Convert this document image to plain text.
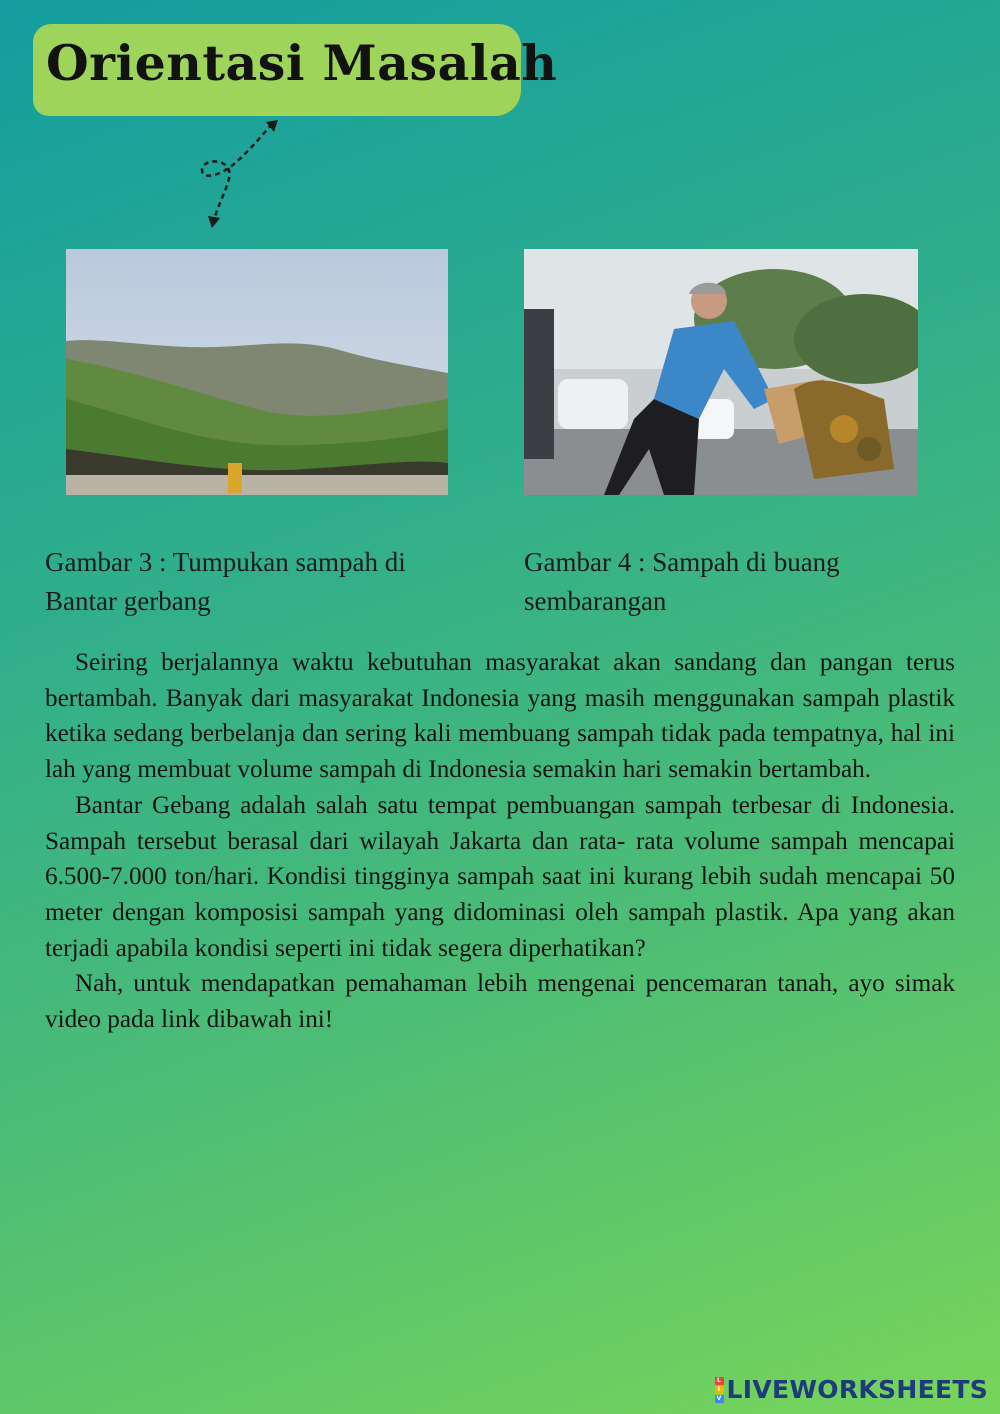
Orientasi Masalah

Gambar 3 : Tumpukan sampah di Bantar gerbang

Gambar 4 : Sampah di buang sembarangan

Seiring berjalannya waktu kebutuhan masyarakat akan sandang dan pangan terus bertambah. Banyak dari masyarakat Indonesia yang masih menggunakan sampah plastik ketika sedang berbelanja dan sering kali membuang sampah tidak pada tempatnya, hal ini lah yang membuat volume sampah di Indonesia semakin hari semakin bertambah.

Bantar Gebang adalah salah satu tempat pembuangan sampah terbesar di Indonesia. Sampah tersebut berasal dari wilayah Jakarta dan rata- rata volume sampah mencapai 6.500-7.000 ton/hari. Kondisi tingginya sampah saat ini kurang lebih sudah mencapai 50 meter dengan komposisi sampah yang didominasi oleh sampah plastik. Apa yang akan terjadi apabila kondisi seperti ini tidak segera diperhatikan?

Nah, untuk mendapatkan pemahaman lebih mengenai pencemaran tanah, ayo simak video pada link dibawah ini!

L
I
V LIVEWORKSHEETS
